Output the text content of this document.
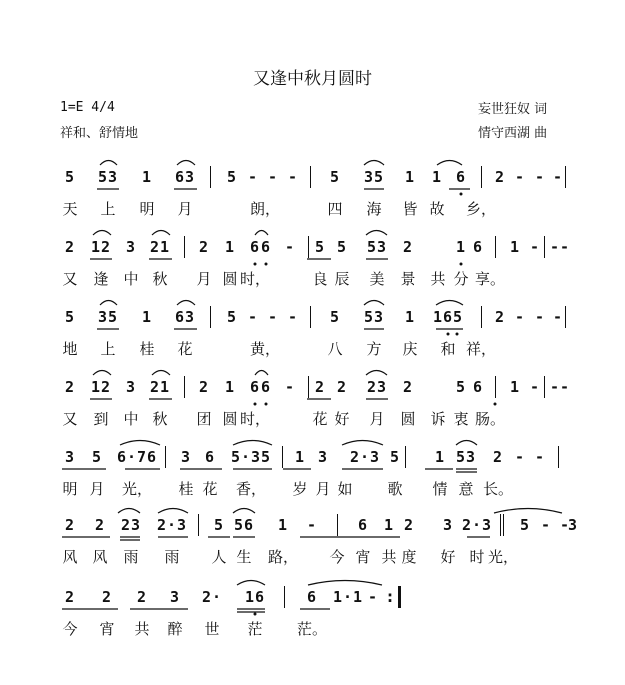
又逢中秋月圆时
1=E 4/4
祥和、舒情地
妄世狂奴 词
情守西湖 曲
5 53 1 63 5 - - - 5 35 1 1 6 2 - - -
天 上 明 月	朗，	四 海 皆 故 乡，
2 12 3 21 2 1 6 6 - 5 5 53 2	1 6 1 - - -
又 逢 中 秋 月 圆 时，	良 辰 美 景 共 分 享。
5 35 1 63 5 - - - 5 53 1 165 2 - - -
地 上 桂 花	黄，	八 方 庆 和 祥，
2 12 3 21 2 1 6 6 - 2 2 23 2	5 6 1 - - -
又 到 中 秋 团 圆 时，	花 好 月 圆 诉 衷 肠。
3 5 6·76 3 6 5·35 1 3 2·3 5 1 53 2 - -
明 月 光， 桂 花 香， 岁 月 如 歌 情 意 长。
2 2 23 2·3 5 56 1 -	6 1 2 3 2·3 5 - -
3
风 风 雨 雨 人 生 路， 今 宵 共 度 好 时 光，
2 2 2 3 2· 16	6 1·1 - :
今 宵 共 醉 世 茫 茫。
